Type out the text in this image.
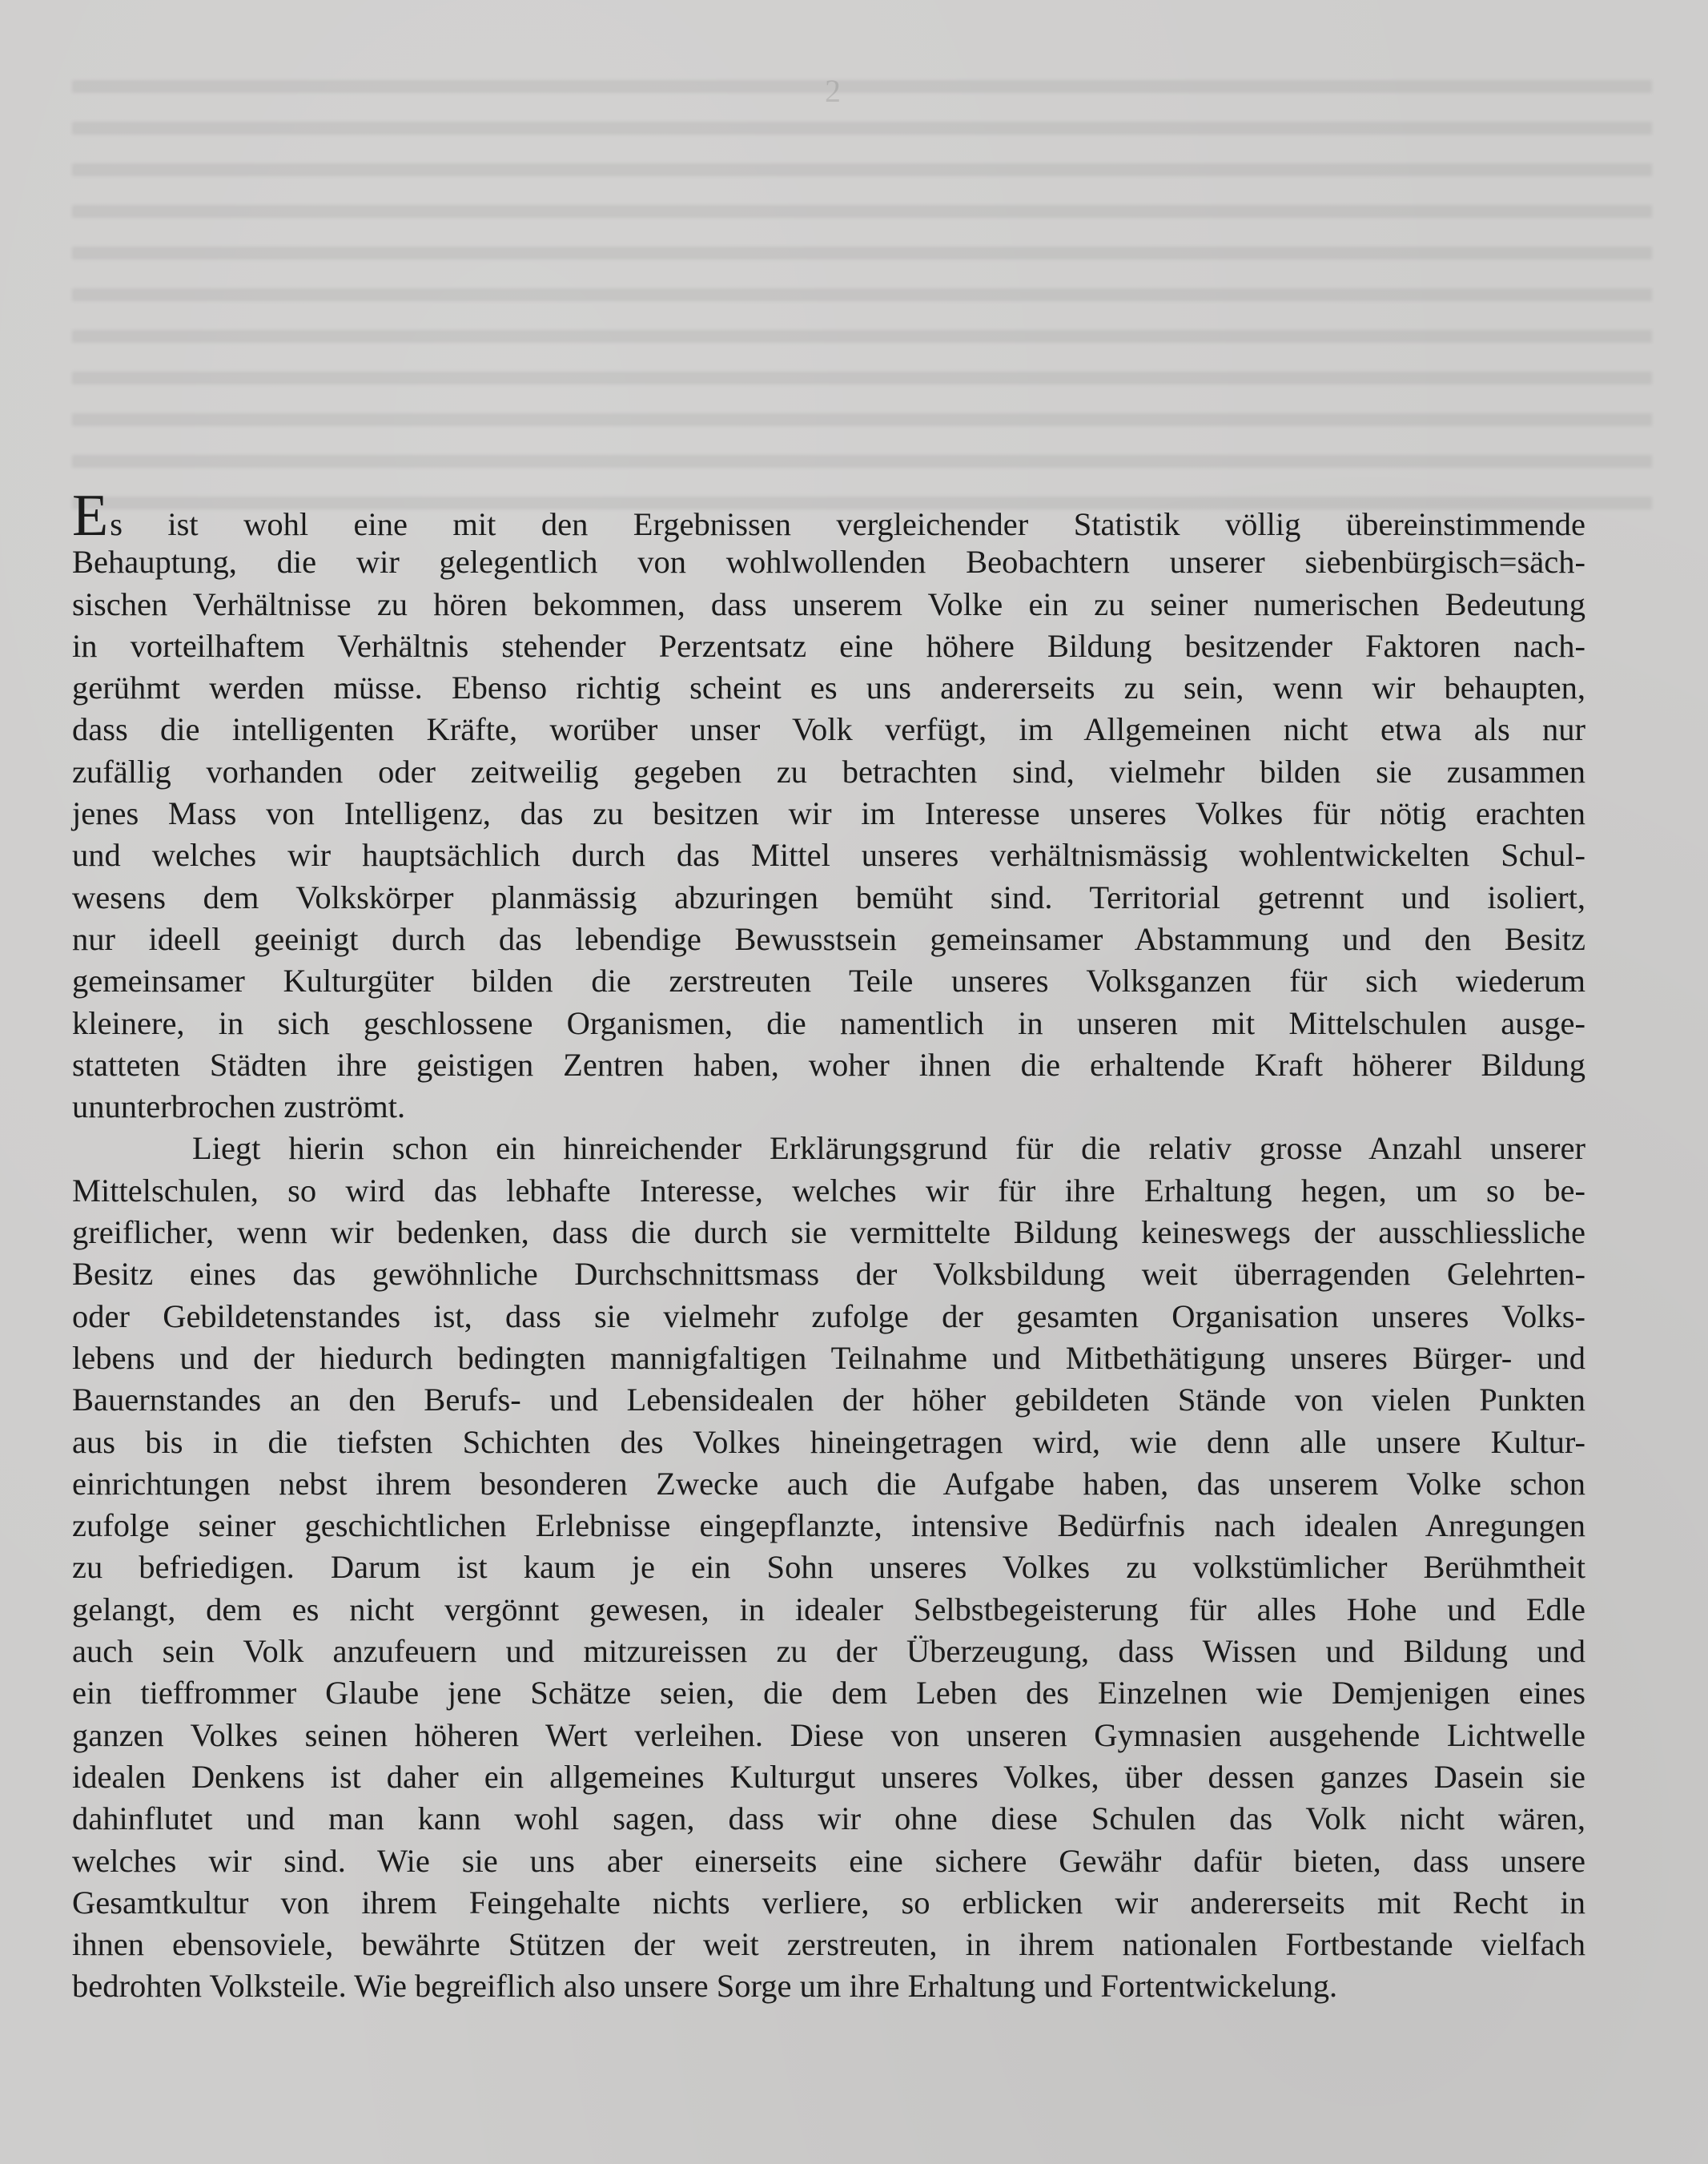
2
Es ist wohl eine mit den Ergebnissen vergleichender Statistik völlig übereinstimmende
Behauptung, die wir gelegentlich von wohlwollenden Beobachtern unserer siebenbürgisch=säch-
sischen Verhältnisse zu hören bekommen, dass unserem Volke ein zu seiner numerischen Bedeutung
in vorteilhaftem Verhältnis stehender Perzentsatz eine höhere Bildung besitzender Faktoren nach-
gerühmt werden müsse. Ebenso richtig scheint es uns andererseits zu sein, wenn wir behaupten,
dass die intelligenten Kräfte, worüber unser Volk verfügt, im Allgemeinen nicht etwa als nur
zufällig vorhanden oder zeitweilig gegeben zu betrachten sind, vielmehr bilden sie zusammen
jenes Mass von Intelligenz, das zu besitzen wir im Interesse unseres Volkes für nötig erachten
und welches wir hauptsächlich durch das Mittel unseres verhältnismässig wohlentwickelten Schul-
wesens dem Volkskörper planmässig abzuringen bemüht sind. Territorial getrennt und isoliert,
nur ideell geeinigt durch das lebendige Bewusstsein gemeinsamer Abstammung und den Besitz
gemeinsamer Kulturgüter bilden die zerstreuten Teile unseres Volksganzen für sich wiederum
kleinere, in sich geschlossene Organismen, die namentlich in unseren mit Mittelschulen ausge-
statteten Städten ihre geistigen Zentren haben, woher ihnen die erhaltende Kraft höherer Bildung
ununterbrochen zuströmt.
Liegt hierin schon ein hinreichender Erklärungsgrund für die relativ grosse Anzahl unserer
Mittelschulen, so wird das lebhafte Interesse, welches wir für ihre Erhaltung hegen, um so be-
greiflicher, wenn wir bedenken, dass die durch sie vermittelte Bildung keineswegs der ausschliessliche
Besitz eines das gewöhnliche Durchschnittsmass der Volksbildung weit überragenden Gelehrten-
oder Gebildetenstandes ist, dass sie vielmehr zufolge der gesamten Organisation unseres Volks-
lebens und der hiedurch bedingten mannigfaltigen Teilnahme und Mitbethätigung unseres Bürger- und
Bauernstandes an den Berufs- und Lebensidealen der höher gebildeten Stände von vielen Punkten
aus bis in die tiefsten Schichten des Volkes hineingetragen wird, wie denn alle unsere Kultur-
einrichtungen nebst ihrem besonderen Zwecke auch die Aufgabe haben, das unserem Volke schon
zufolge seiner geschichtlichen Erlebnisse eingepflanzte, intensive Bedürfnis nach idealen Anregungen
zu befriedigen. Darum ist kaum je ein Sohn unseres Volkes zu volkstümlicher Berühmtheit
gelangt, dem es nicht vergönnt gewesen, in idealer Selbstbegeisterung für alles Hohe und Edle
auch sein Volk anzufeuern und mitzureissen zu der Überzeugung, dass Wissen und Bildung und
ein tieffrommer Glaube jene Schätze seien, die dem Leben des Einzelnen wie Demjenigen eines
ganzen Volkes seinen höheren Wert verleihen. Diese von unseren Gymnasien ausgehende Lichtwelle
idealen Denkens ist daher ein allgemeines Kulturgut unseres Volkes, über dessen ganzes Dasein sie
dahinflutet und man kann wohl sagen, dass wir ohne diese Schulen das Volk nicht wären,
welches wir sind. Wie sie uns aber einerseits eine sichere Gewähr dafür bieten, dass unsere
Gesamtkultur von ihrem Feingehalte nichts verliere, so erblicken wir andererseits mit Recht in
ihnen ebensoviele, bewährte Stützen der weit zerstreuten, in ihrem nationalen Fortbestande vielfach
bedrohten Volksteile. Wie begreiflich also unsere Sorge um ihre Erhaltung und Fortentwickelung.
